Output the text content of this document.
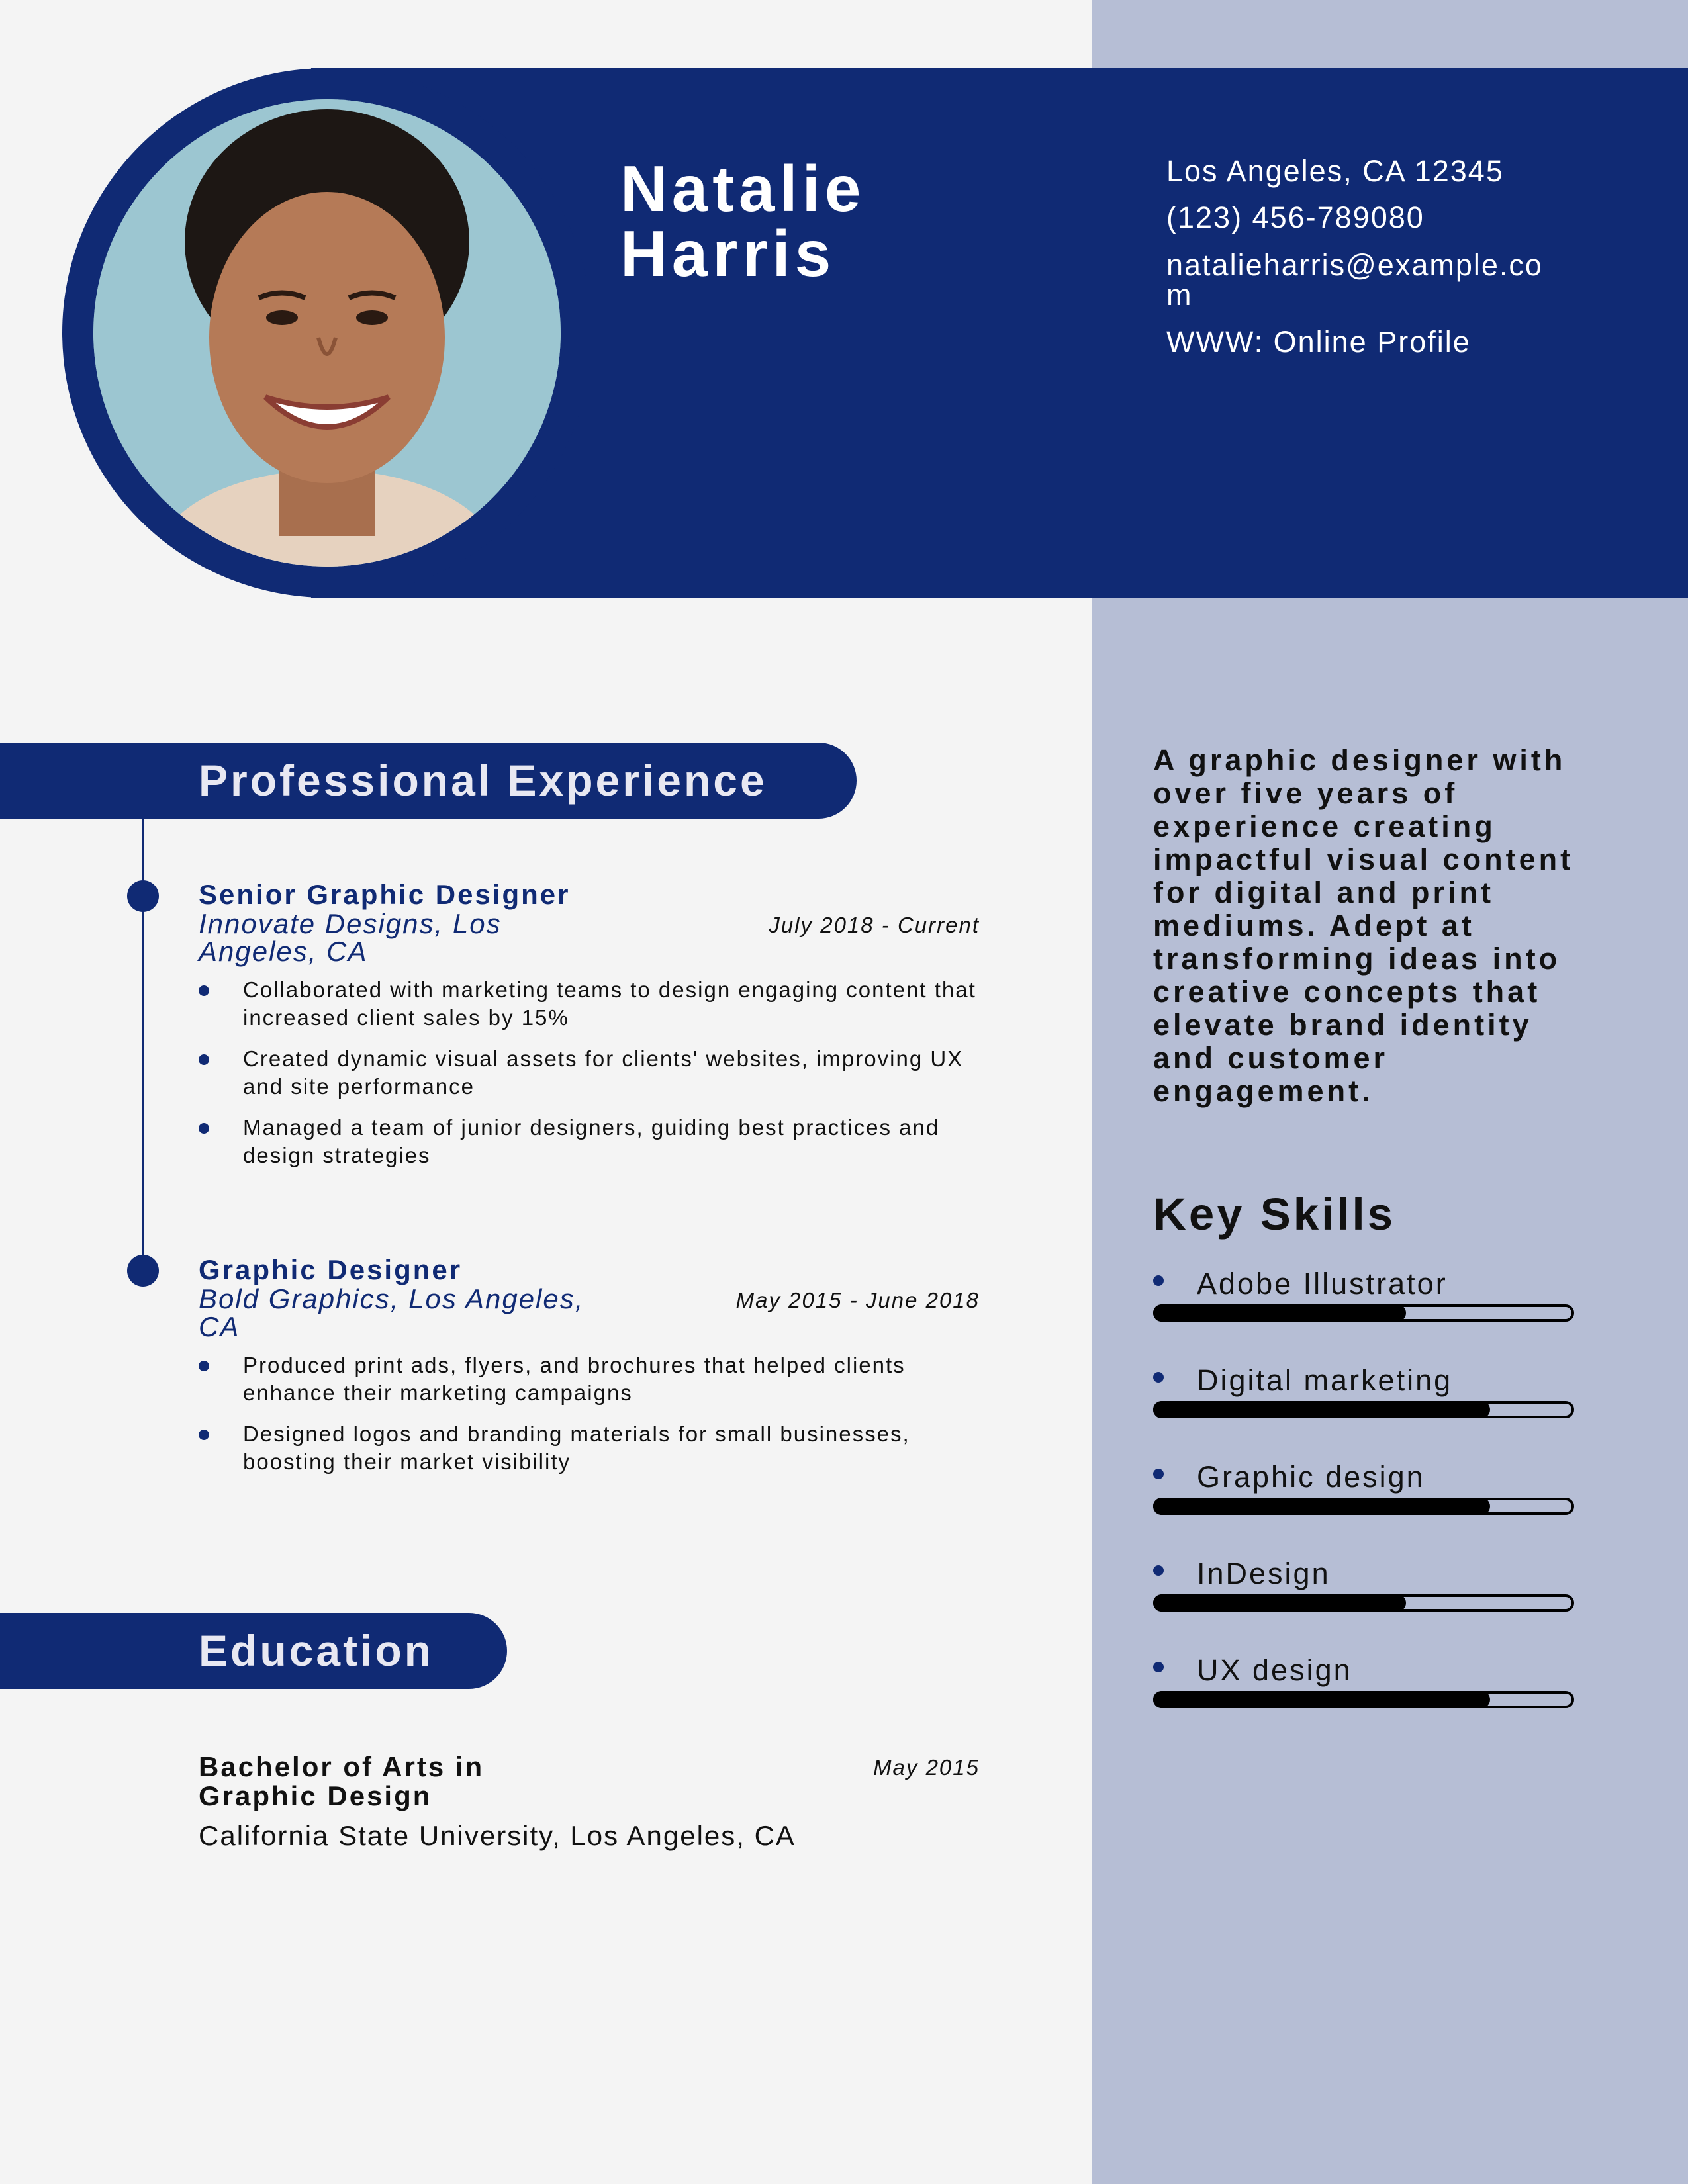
Natalie
Harris
Los Angeles, CA 12345
(123) 456-789080
natalieharris@example.com
WWW: Online Profile
Professional Experience
Senior Graphic Designer
Innovate Designs, Los Angeles, CA
July 2018 - Current
Collaborated with marketing teams to design engaging content that increased client sales by 15%
Created dynamic visual assets for clients' websites, improving UX and site performance
Managed a team of junior designers, guiding best practices and design strategies
Graphic Designer
Bold Graphics, Los Angeles, CA
May 2015 - June 2018
Produced print ads, flyers, and brochures that helped clients enhance their marketing campaigns
Designed logos and branding materials for small businesses, boosting their market visibility
Education
Bachelor of Arts in Graphic Design
May 2015
California State University, Los Angeles, CA
A graphic designer with over five years of experience creating impactful visual content for digital and print mediums. Adept at transforming ideas into creative concepts that elevate brand identity and customer engagement.
Key Skills
Adobe Illustrator
Digital marketing
Graphic design
InDesign
UX design
